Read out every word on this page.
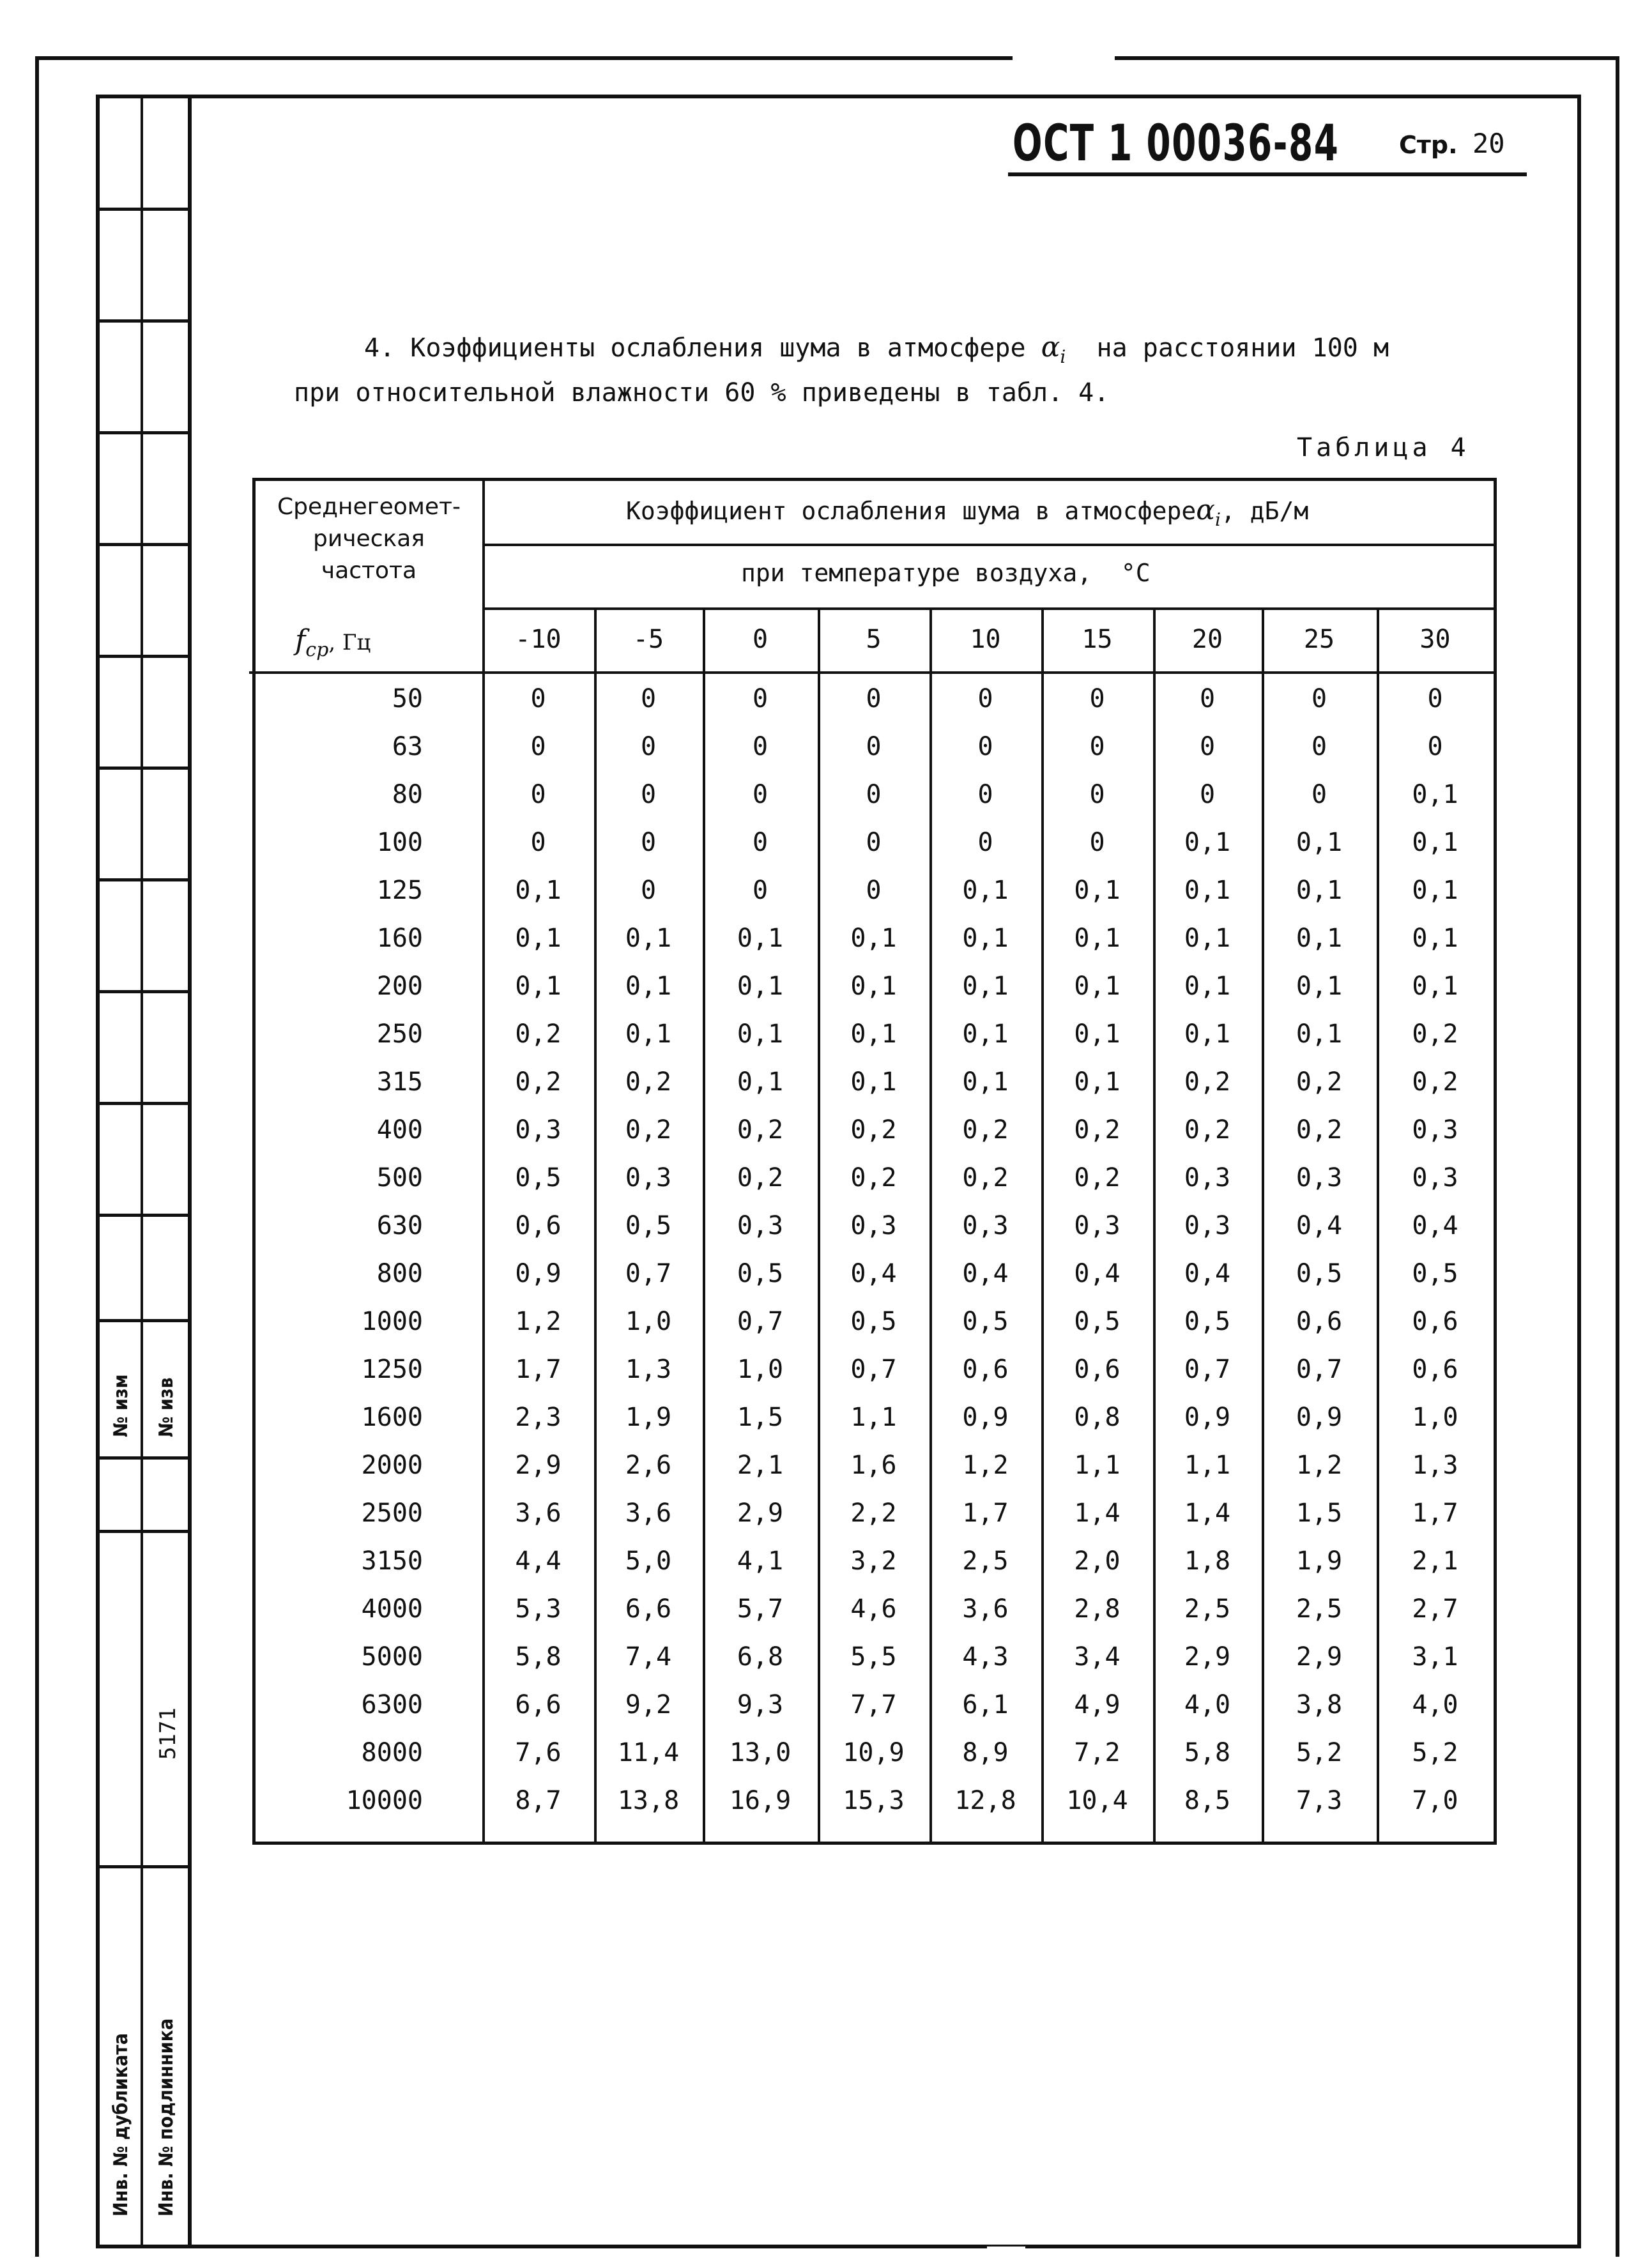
№ изм № изв
5171
Инв. № дубликата Инв. № подлинника
ОСТ 1 00036-84 Стр. 20
4. Коэффициенты ослабления шума в атмосфере $\alpha_i$ на расстоянии 100 м
при относительной влажности 60 % приведены в табл. 4.
Таблица 4
Среднегеомет-
рическая
частота
$f_{ср}$, Гц
Коэффициент ослабления шума в атмосфереα$_i$, дБ/м
при температуре воздуха, °С
-10	-5	0	5	10	15	20	25	30
50	0	0	0	0	0	0	0	0	0
63	0	0	0	0	0	0	0	0	0
80	0	0	0	0	0	0	0	0	0,1
100	0	0	0	0	0	0	0,1	0,1	0,1
125	0,1	0	0	0	0,1	0,1	0,1	0,1	0,1
160	0,1	0,1	0,1	0,1	0,1	0,1	0,1	0,1	0,1
200	0,1	0,1	0,1	0,1	0,1	0,1	0,1	0,1	0,1
250	0,2	0,1	0,1	0,1	0,1	0,1	0,1	0,1	0,2
315	0,2	0,2	0,1	0,1	0,1	0,1	0,2	0,2	0,2
400	0,3	0,2	0,2	0,2	0,2	0,2	0,2	0,2	0,3
500	0,5	0,3	0,2	0,2	0,2	0,2	0,3	0,3	0,3
630	0,6	0,5	0,3	0,3	0,3	0,3	0,3	0,4	0,4
800	0,9	0,7	0,5	0,4	0,4	0,4	0,4	0,5	0,5
1000	1,2	1,0	0,7	0,5	0,5	0,5	0,5	0,6	0,6
1250	1,7	1,3	1,0	0,7	0,6	0,6	0,7	0,7	0,6
1600	2,3	1,9	1,5	1,1	0,9	0,8	0,9	0,9	1,0
2000	2,9	2,6	2,1	1,6	1,2	1,1	1,1	1,2	1,3
2500	3,6	3,6	2,9	2,2	1,7	1,4	1,4	1,5	1,7
3150	4,4	5,0	4,1	3,2	2,5	2,0	1,8	1,9	2,1
4000	5,3	6,6	5,7	4,6	3,6	2,8	2,5	2,5	2,7
5000	5,8	7,4	6,8	5,5	4,3	3,4	2,9	2,9	3,1
6300	6,6	9,2	9,3	7,7	6,1	4,9	4,0	3,8	4,0
8000	7,6	11,4	13,0	10,9	8,9	7,2	5,8	5,2	5,2
10000	8,7	13,8	16,9	15,3	12,8	10,4	8,5	7,3	7,0
